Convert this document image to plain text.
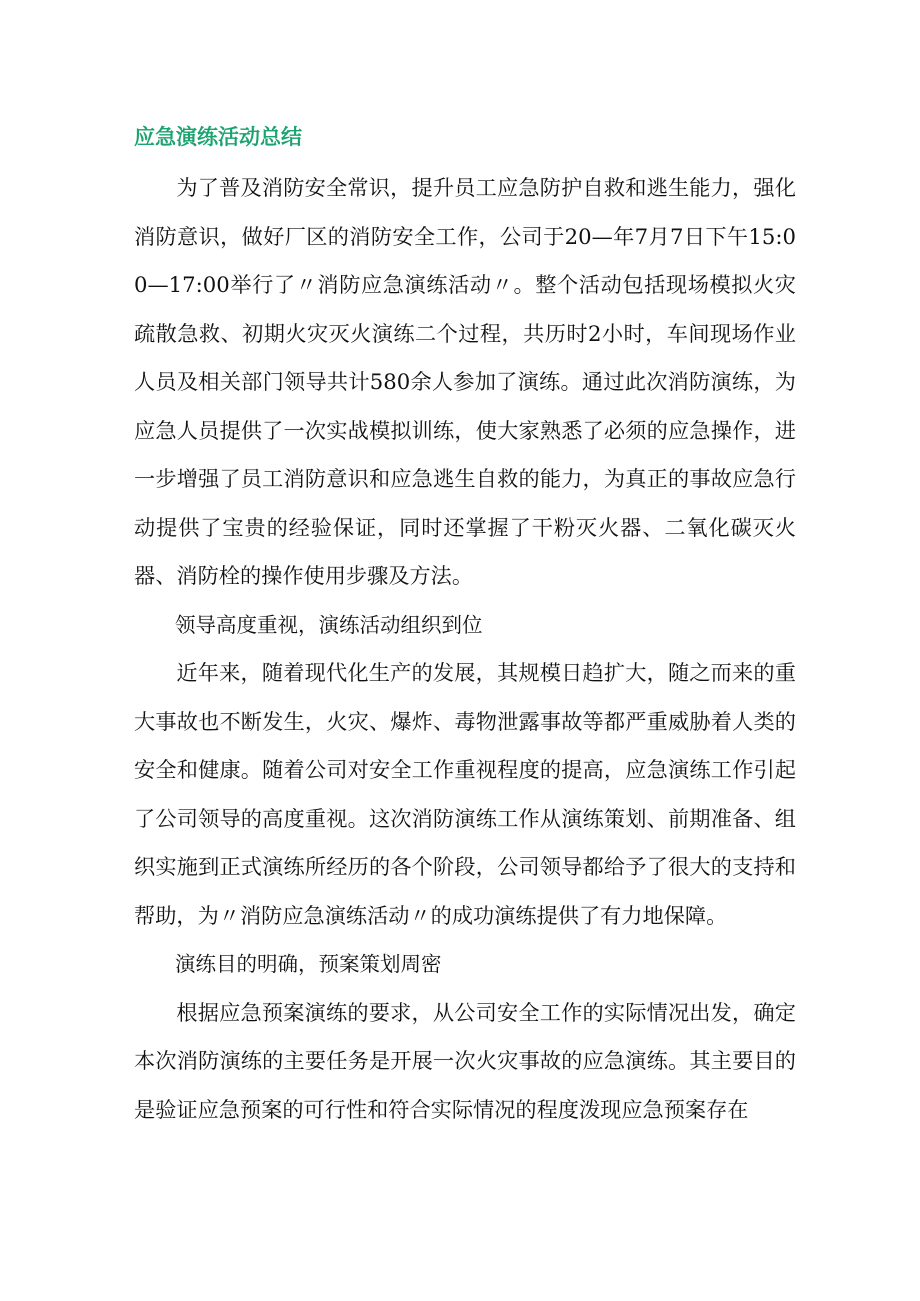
应急演练活动总结

为了普及消防安全常识，提升员工应急防护自救和逃生能力，强化消防意识，做好厂区的消防安全工作，公司于20—年7月7日下午15:00—17:00举行了〃消防应急演练活动〃。整个活动包括现场模拟火灾疏散急救、初期火灾灭火演练二个过程，共历时2小时，车间现场作业人员及相关部门领导共计580余人参加了演练。通过此次消防演练，为应急人员提供了一次实战模拟训练，使大家熟悉了必须的应急操作，进一步增强了员工消防意识和应急逃生自救的能力，为真正的事故应急行动提供了宝贵的经验保证，同时还掌握了干粉灭火器、二氧化碳灭火器、消防栓的操作使用步骤及方法。

领导高度重视，演练活动组织到位

近年来，随着现代化生产的发展，其规模日趋扩大，随之而来的重大事故也不断发生，火灾、爆炸、毒物泄露事故等都严重威胁着人类的安全和健康。随着公司对安全工作重视程度的提高，应急演练工作引起了公司领导的高度重视。这次消防演练工作从演练策划、前期准备、组织实施到正式演练所经历的各个阶段，公司领导都给予了很大的支持和帮助，为〃消防应急演练活动〃的成功演练提供了有力地保障。

演练目的明确，预案策划周密

根据应急预案演练的要求，从公司安全工作的实际情况出发，确定本次消防演练的主要任务是开展一次火灾事故的应急演练。其主要目的是验证应急预案的可行性和符合实际情况的程度泼现应急预案存在
